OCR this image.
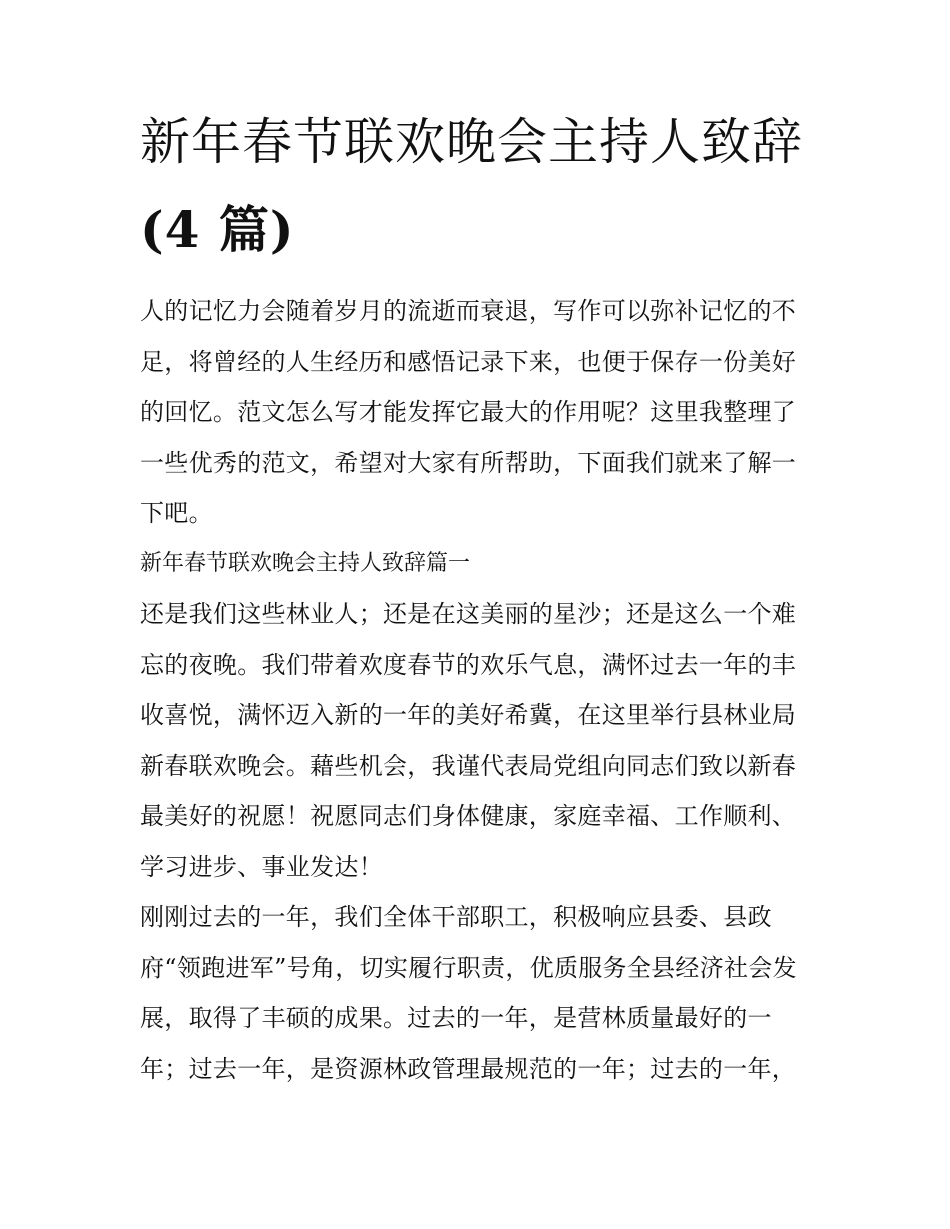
新年春节联欢晚会主持人致辞
(4 篇)
人的记忆力会随着岁月的流逝而衰退，写作可以弥补记忆的不
足，将曾经的人生经历和感悟记录下来，也便于保存一份美好
的回忆。范文怎么写才能发挥它最大的作用呢？这里我整理了
一些优秀的范文，希望对大家有所帮助，下面我们就来了解一
下吧。
新年春节联欢晚会主持人致辞篇一
还是我们这些林业人；还是在这美丽的星沙；还是这么一个难
忘的夜晚。我们带着欢度春节的欢乐气息，满怀过去一年的丰
收喜悦，满怀迈入新的一年的美好希冀，在这里举行县林业局
新春联欢晚会。藉些机会，我谨代表局党组向同志们致以新春
最美好的祝愿！祝愿同志们身体健康，家庭幸福、工作顺利、
学习进步、事业发达！
刚刚过去的一年，我们全体干部职工，积极响应县委、县政
府“领跑进军”号角，切实履行职责，优质服务全县经济社会发
展，取得了丰硕的成果。过去的一年，是营林质量最好的一
年；过去一年，是资源林政管理最规范的一年；过去的一年，
